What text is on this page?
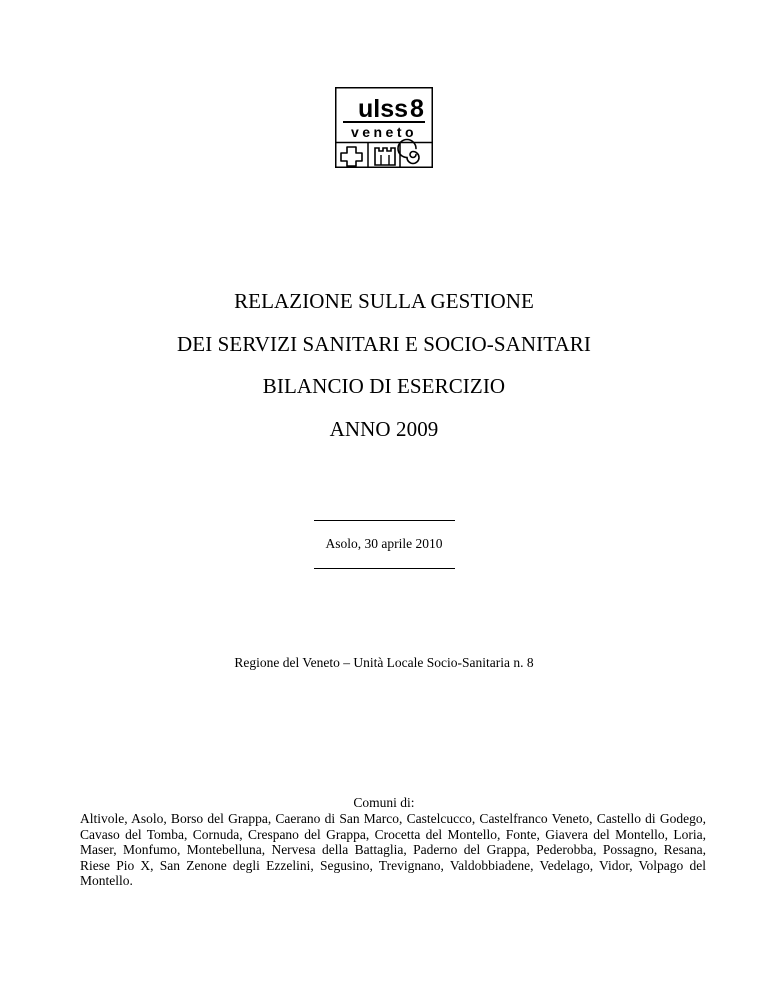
ulss 8
veneto
RELAZIONE SULLA GESTIONE
DEI SERVIZI SANITARI E SOCIO-SANITARI
BILANCIO DI ESERCIZIO
ANNO 2009
Asolo, 30 aprile 2010
Regione del Veneto – Unità Locale Socio-Sanitaria n. 8
Comuni di:
Altivole, Asolo, Borso del Grappa, Caerano di San Marco, Castelcucco, Castelfranco Veneto, Castello di Godego, Cavaso del Tomba, Cornuda, Crespano del Grappa, Crocetta del Montello, Fonte, Giavera del Montello, Loria, Maser, Monfumo, Montebelluna, Nervesa della Battaglia, Paderno del Grappa, Pederobba, Possagno, Resana, Riese Pio X, San Zenone degli Ezzelini, Segusino, Trevignano, Valdobbiadene, Vedelago, Vidor, Volpago del Montello.
